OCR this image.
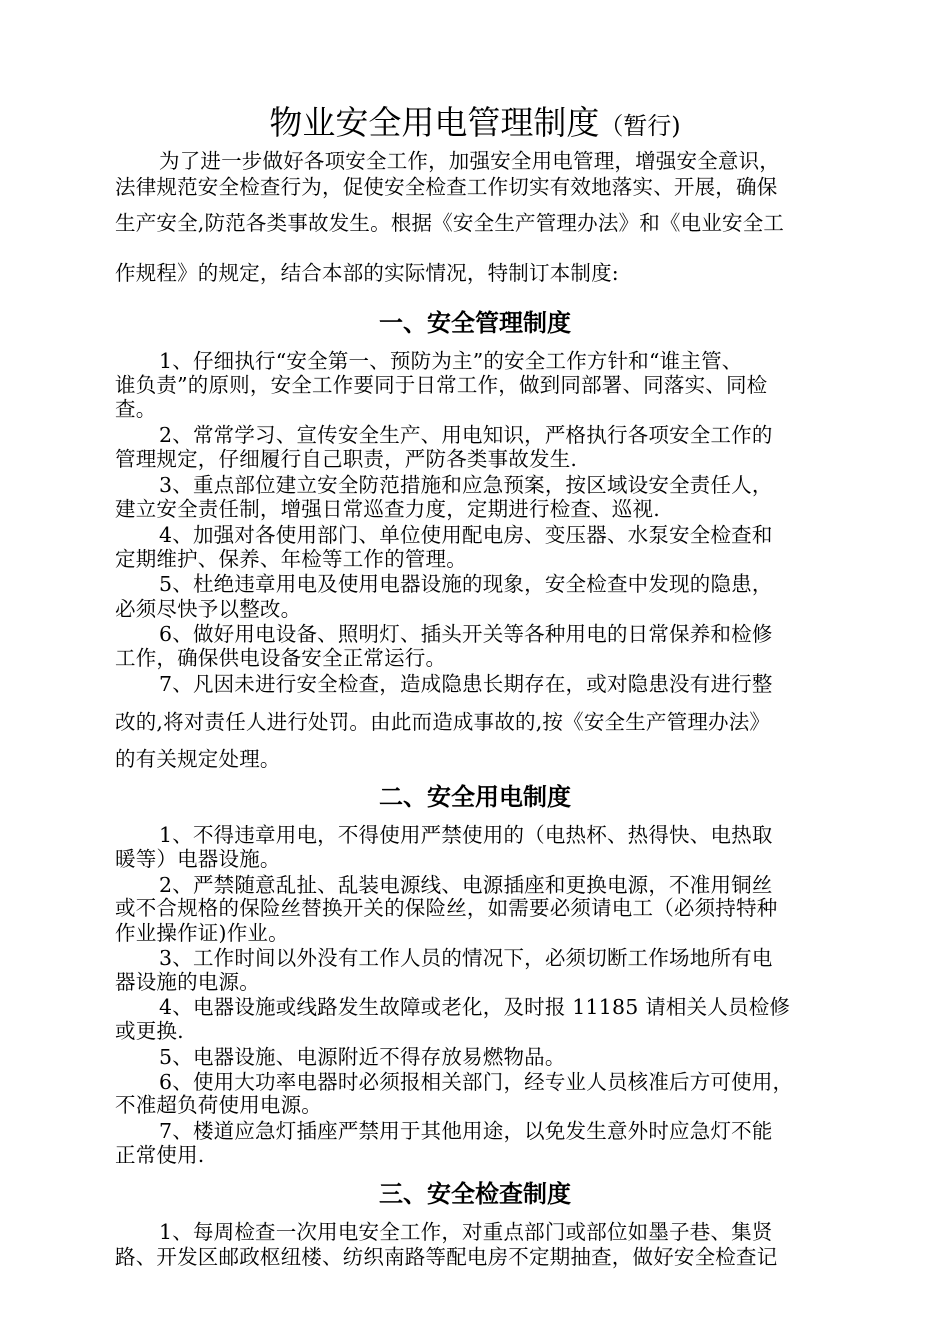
物业安全用电管理制度（暂行)
为了进一步做好各项安全工作，加强安全用电管理，增强安全意识，
法律规范安全检查行为，促使安全检查工作切实有效地落实、开展，确保
生产安全,防范各类事故发生。根据《安全生产管理办法》和《电业安全工
作规程》的规定，结合本部的实际情况，特制订本制度:
一、安全管理制度
1、仔细执行“安全第一、预防为主”的安全工作方针和“谁主管、
谁负责”的原则，安全工作要同于日常工作，做到同部署、同落实、同检
查。
2、常常学习、宣传安全生产、用电知识，严格执行各项安全工作的
管理规定，仔细履行自己职责，严防各类事故发生.
3、重点部位建立安全防范措施和应急预案，按区域设安全责任人，
建立安全责任制，增强日常巡查力度，定期进行检查、巡视.
4、加强对各使用部门、单位使用配电房、变压器、水泵安全检查和
定期维护、保养、年检等工作的管理。
5、杜绝违章用电及使用电器设施的现象，安全检查中发现的隐患，
必须尽快予以整改。
6、做好用电设备、照明灯、插头开关等各种用电的日常保养和检修
工作，确保供电设备安全正常运行。
7、凡因未进行安全检查，造成隐患长期存在，或对隐患没有进行整
改的,将对责任人进行处罚。由此而造成事故的,按《安全生产管理办法》
的有关规定处理。
二、安全用电制度
1、不得违章用电，不得使用严禁使用的（电热杯、热得快、电热取
暖等）电器设施。
2、严禁随意乱扯、乱装电源线、电源插座和更换电源，不准用铜丝
或不合规格的保险丝替换开关的保险丝，如需要必须请电工（必须持特种
作业操作证)作业。
3、工作时间以外没有工作人员的情况下，必须切断工作场地所有电
器设施的电源。
4、电器设施或线路发生故障或老化，及时报 11185 请相关人员检修
或更换.
5、电器设施、电源附近不得存放易燃物品。
6、使用大功率电器时必须报相关部门，经专业人员核准后方可使用，
不准超负荷使用电源。
7、楼道应急灯插座严禁用于其他用途，以免发生意外时应急灯不能
正常使用.
三、安全检查制度
1、每周检查一次用电安全工作，对重点部门或部位如墨子巷、集贤
路、开发区邮政枢纽楼、纺织南路等配电房不定期抽查，做好安全检查记
